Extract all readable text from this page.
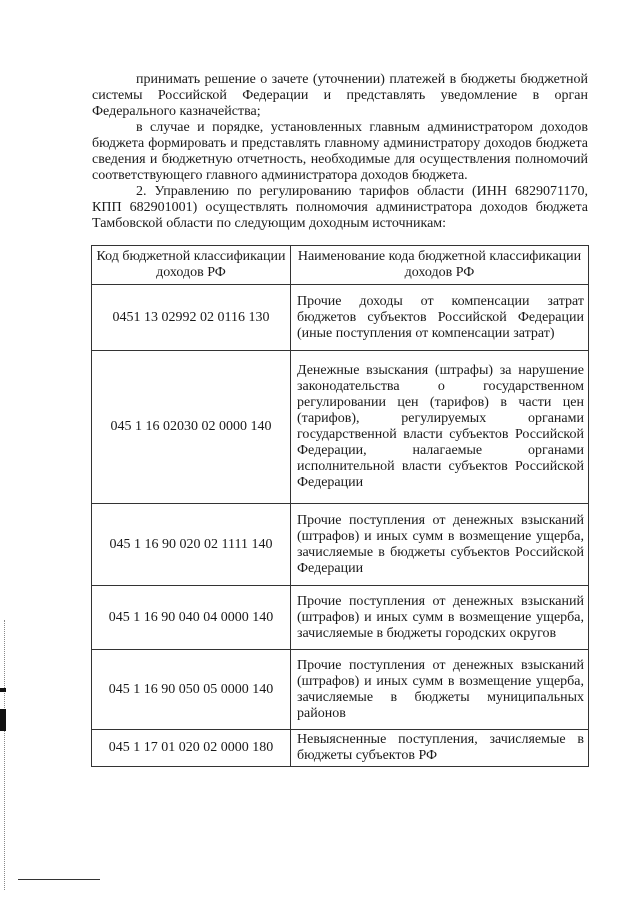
принимать решение о зачете (уточнении) платежей в бюджеты бюджетной системы Российской Федерации и представлять уведомление в орган Федерального казначейства;

в случае и порядке, установленных главным администратором доходов бюджета формировать и представлять главному администратору доходов бюджета сведения и бюджетную отчетность, необходимые для осуществления полномочий соответствующего главного администратора доходов бюджета.

2. Управлению по регулированию тарифов области (ИНН 6829071170, КПП 682901001) осуществлять полномочия администратора доходов бюджета Тамбовской области по следующим доходным источникам:

Код бюджетной классификации доходов РФ	Наименование кода бюджетной классификации доходов РФ
0451 13 02992 02 0116 130	Прочие доходы от компенсации затрат бюджетов субъектов Российской Федерации (иные поступления от компенсации затрат)
045 1 16 02030 02 0000 140	Денежные взыскания (штрафы) за нарушение законодательства о государственном регулировании цен (тарифов) в части цен (тарифов), регулируемых органами государственной власти субъектов Российской Федерации, налагаемые органами исполнительной власти субъектов Российской Федерации
045 1 16 90 020 02 1111 140	Прочие поступления от денежных взысканий (штрафов) и иных сумм в возмещение ущерба, зачисляемые в бюджеты субъектов Российской Федерации
045 1 16 90 040 04 0000 140	Прочие поступления от денежных взысканий (штрафов) и иных сумм в возмещение ущерба, зачисляемые в бюджеты городских округов
045 1 16 90 050 05 0000 140	Прочие поступления от денежных взысканий (штрафов) и иных сумм в возмещение ущерба, зачисляемые в бюджеты муниципальных районов
045 1 17 01 020 02 0000 180	Невыясненные поступления, зачисляемые в бюджеты субъектов РФ
